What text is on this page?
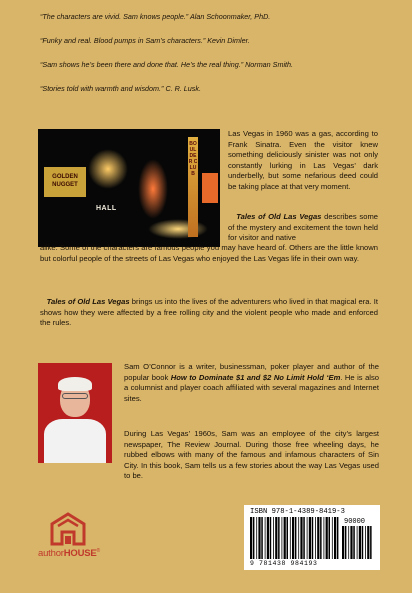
“The characters are vivid. Sam knows people.” Alan Schoonmaker, PhD.

“Funky and real. Blood pumps in Sam’s characters.” Kevin Dimler.

“Sam shows he’s been there and done that. He’s the real thing.” Norman Smith.

“Stories told with warmth and wisdom.” C. R. Lusk.

GOLDEN NUGGET
HALL
BOULDER CLUB
Las Vegas in 1960 was a gas, according to Frank Sinatra. Even the visitor knew something deliciously sinister was not only constantly lurking in Las Vegas’ dark underbelly, but some nefarious deed could be taking place at that very moment.
Tales of Old Las Vegas describes some of the mystery and excitement the town held for visitor and native
alike. Some of the characters are famous people you may have heard of. Others are the little known but colorful people of the streets of Las Vegas who enjoyed the Las Vegas life in their own way.
Tales of Old Las Vegas brings us into the lives of the adventurers who lived in that magical era. It shows how they were affected by a free rolling city and the violent people who made and enforced the rules.
Sam O’Connor is a writer, businessman, poker player and author of the popular book How to Dominate $1 and $2 No Limit Hold ‘Em. He is also a columnist and player coach affiliated with several magazines and Internet sites.
During Las Vegas’ 1960s, Sam was an employee of the city’s largest newspaper, The Review Journal. During those free wheeling days, he rubbed elbows with many of the famous and infamous characters of Sin City. In this book, Sam tells us a few stories about the way Las Vegas used to be.
authorHOUSE®
ISBN 978-1-4389-8419-3
90000
9 781438 984193
